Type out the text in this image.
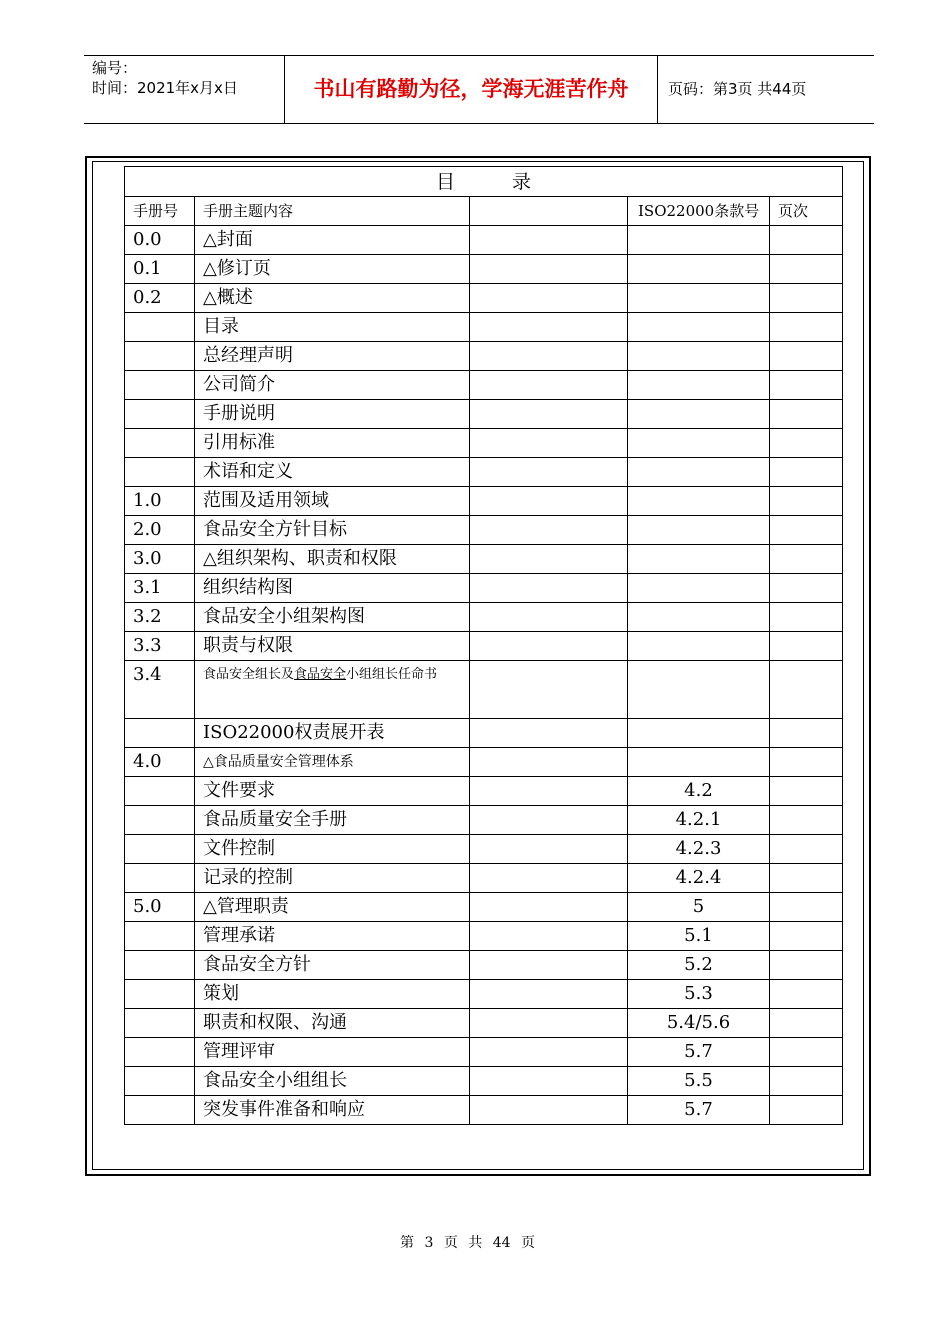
编号：
时间：2021年x月x日	书山有路勤为径，学海无涯苦作舟	页码：第3页 共44页
目　　　录				
手册号	手册主题内容		ISO22000条款号	页次
0.0	△封面			
0.1	△修订页			
0.2	△概述			
	目录			
	总经理声明			
	公司简介			
	手册说明			
	引用标准			
	术语和定义			
1.0	范围及适用领域			
2.0	食品安全方针目标			
3.0	△组织架构、职责和权限			
3.1	组织结构图			
3.2	食品安全小组架构图			
3.3	职责与权限			
3.4	食品安全组长及食品安全小组组长任命书			
	ISO22000权责展开表			
4.0	△食品质量安全管理体系			
	文件要求		4.2	
	食品质量安全手册		4.2.1	
	文件控制		4.2.3	
	记录的控制		4.2.4	
5.0	△管理职责		5	
	管理承诺		5.1	
	食品安全方针		5.2	
	策划		5.3	
	职责和权限、沟通		5.4/5.6	
	管理评审		5.7	
	食品安全小组组长		5.5	
	突发事件准备和响应		5.7	
第 3 页 共 44 页
